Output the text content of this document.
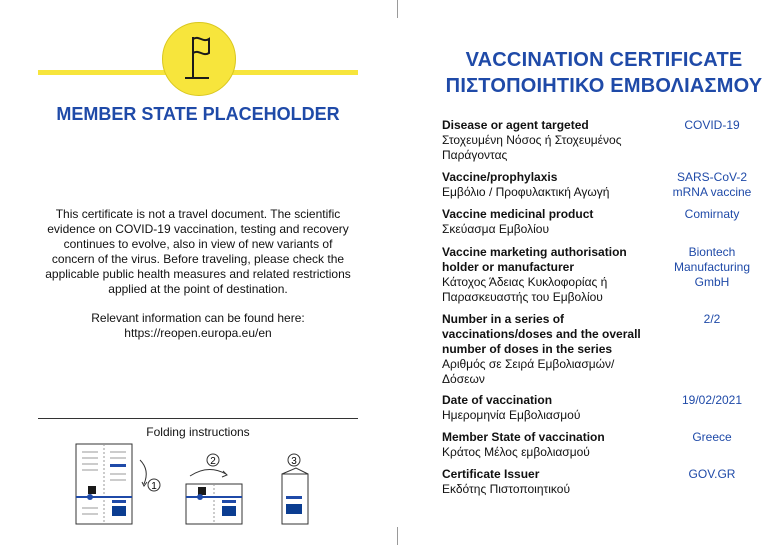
MEMBER STATE PLACEHOLDER
This certificate is not a travel document. The scientific evidence on COVID-19 vaccination, testing and recovery continues to evolve, also in view of new variants of concern of the virus. Before traveling, please check the applicable public health measures and related restrictions applied at the point of destination.
Relevant information can be found here:
https://reopen.europa.eu/en
Folding instructions
1
2	3
VACCINATION CERTIFICATE
ΠΙΣΤΟΠΟΙΗΤΙΚΟ ΕΜΒΟΛΙΑΣΜΟΥ
Disease or agent targeted
Στοχευμένη Νόσος ή Στοχευμένος Παράγοντας
COVID-19
Vaccine/prophylaxis
Εμβόλιο / Προφυλακτική Αγωγή
SARS-CoV-2 mRNA vaccine
Vaccine medicinal product
Σκεύασμα Εμβολίου
Comirnaty
Vaccine marketing authorisation holder or manufacturer
Κάτοχος Άδειας Κυκλοφορίας ή Παρασκευαστής του Εμβολίου
Biontech Manufacturing GmbH
Number in a series of vaccinations/doses and the overall number of doses in the series
Αριθμός σε Σειρά Εμβολιασμών/Δόσεων
2/2
Date of vaccination
Ημερομηνία Εμβολιασμού
19/02/2021
Member State of vaccination
Κράτος Μέλος εμβολιασμού
Greece
Certificate Issuer
Εκδότης Πιστοποιητικού
GOV.GR
